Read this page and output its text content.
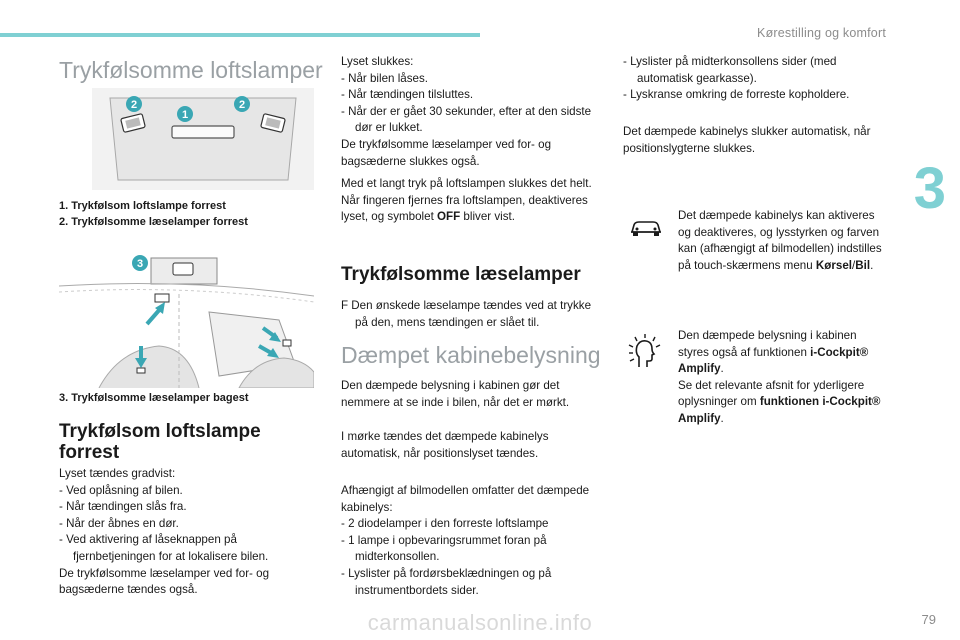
Kørestilling og komfort
3
Trykfølsomme loftslamper
2
1
2
1. Trykfølsom loftslampe forrest
2. Trykfølsomme læselamper forrest
3
3. Trykfølsomme læselamper bagest
Trykfølsom loftslampe forrest

Lyset tændes gradvist:

- Ved oplåsning af bilen.

- Når tændingen slås fra.

- Når der åbnes en dør.

- Ved aktivering af låseknappen på fjernbetjeningen for at lokalisere bilen.

De trykfølsomme læselamper ved for- og bagsæderne tændes også.

Lyset slukkes:

- Når bilen låses.

- Når tændingen tilsluttes.

- Når der er gået 30 sekunder, efter at den sidste dør er lukket.

De trykfølsomme læselamper ved for- og bagsæderne slukkes også.

Med et langt tryk på loftslampen slukkes det helt. Når fingeren fjernes fra loftslampen, deaktiveres lyset, og symbolet OFF bliver vist.

Trykfølsomme læselamper

F Den ønskede læselampe tændes ved at trykke på den, mens tændingen er slået til.

Dæmpet kabinebelysning

Den dæmpede belysning i kabinen gør det nemmere at se inde i bilen, når det er mørkt.

I mørke tændes det dæmpede kabinelys automatisk, når positionslyset tændes.

Afhængigt af bilmodellen omfatter det dæmpede kabinelys:

- 2 diodelamper i den forreste loftslampe

- 1 lampe i opbevaringsrummet foran på midterkonsollen.

- Lyslister på fordørsbeklædningen og på instrumentbordets sider.

- Lyslister på midterkonsollens sider (med automatisk gearkasse).

- Lyskranse omkring de forreste kopholdere.

Det dæmpede kabinelys slukker automatisk, når positionslygterne slukkes.

Det dæmpede kabinelys kan aktiveres og deaktiveres, og lysstyrken og farven kan (afhængigt af bilmodellen) indstilles på touch-skærmens menu Kørsel/Bil.

Den dæmpede belysning i kabinen styres også af funktionen i-Cockpit® Amplify.

Se det relevante afsnit for yderligere oplysninger om funktionen i-Cockpit® Amplify.

79
carmanualsonline.info
